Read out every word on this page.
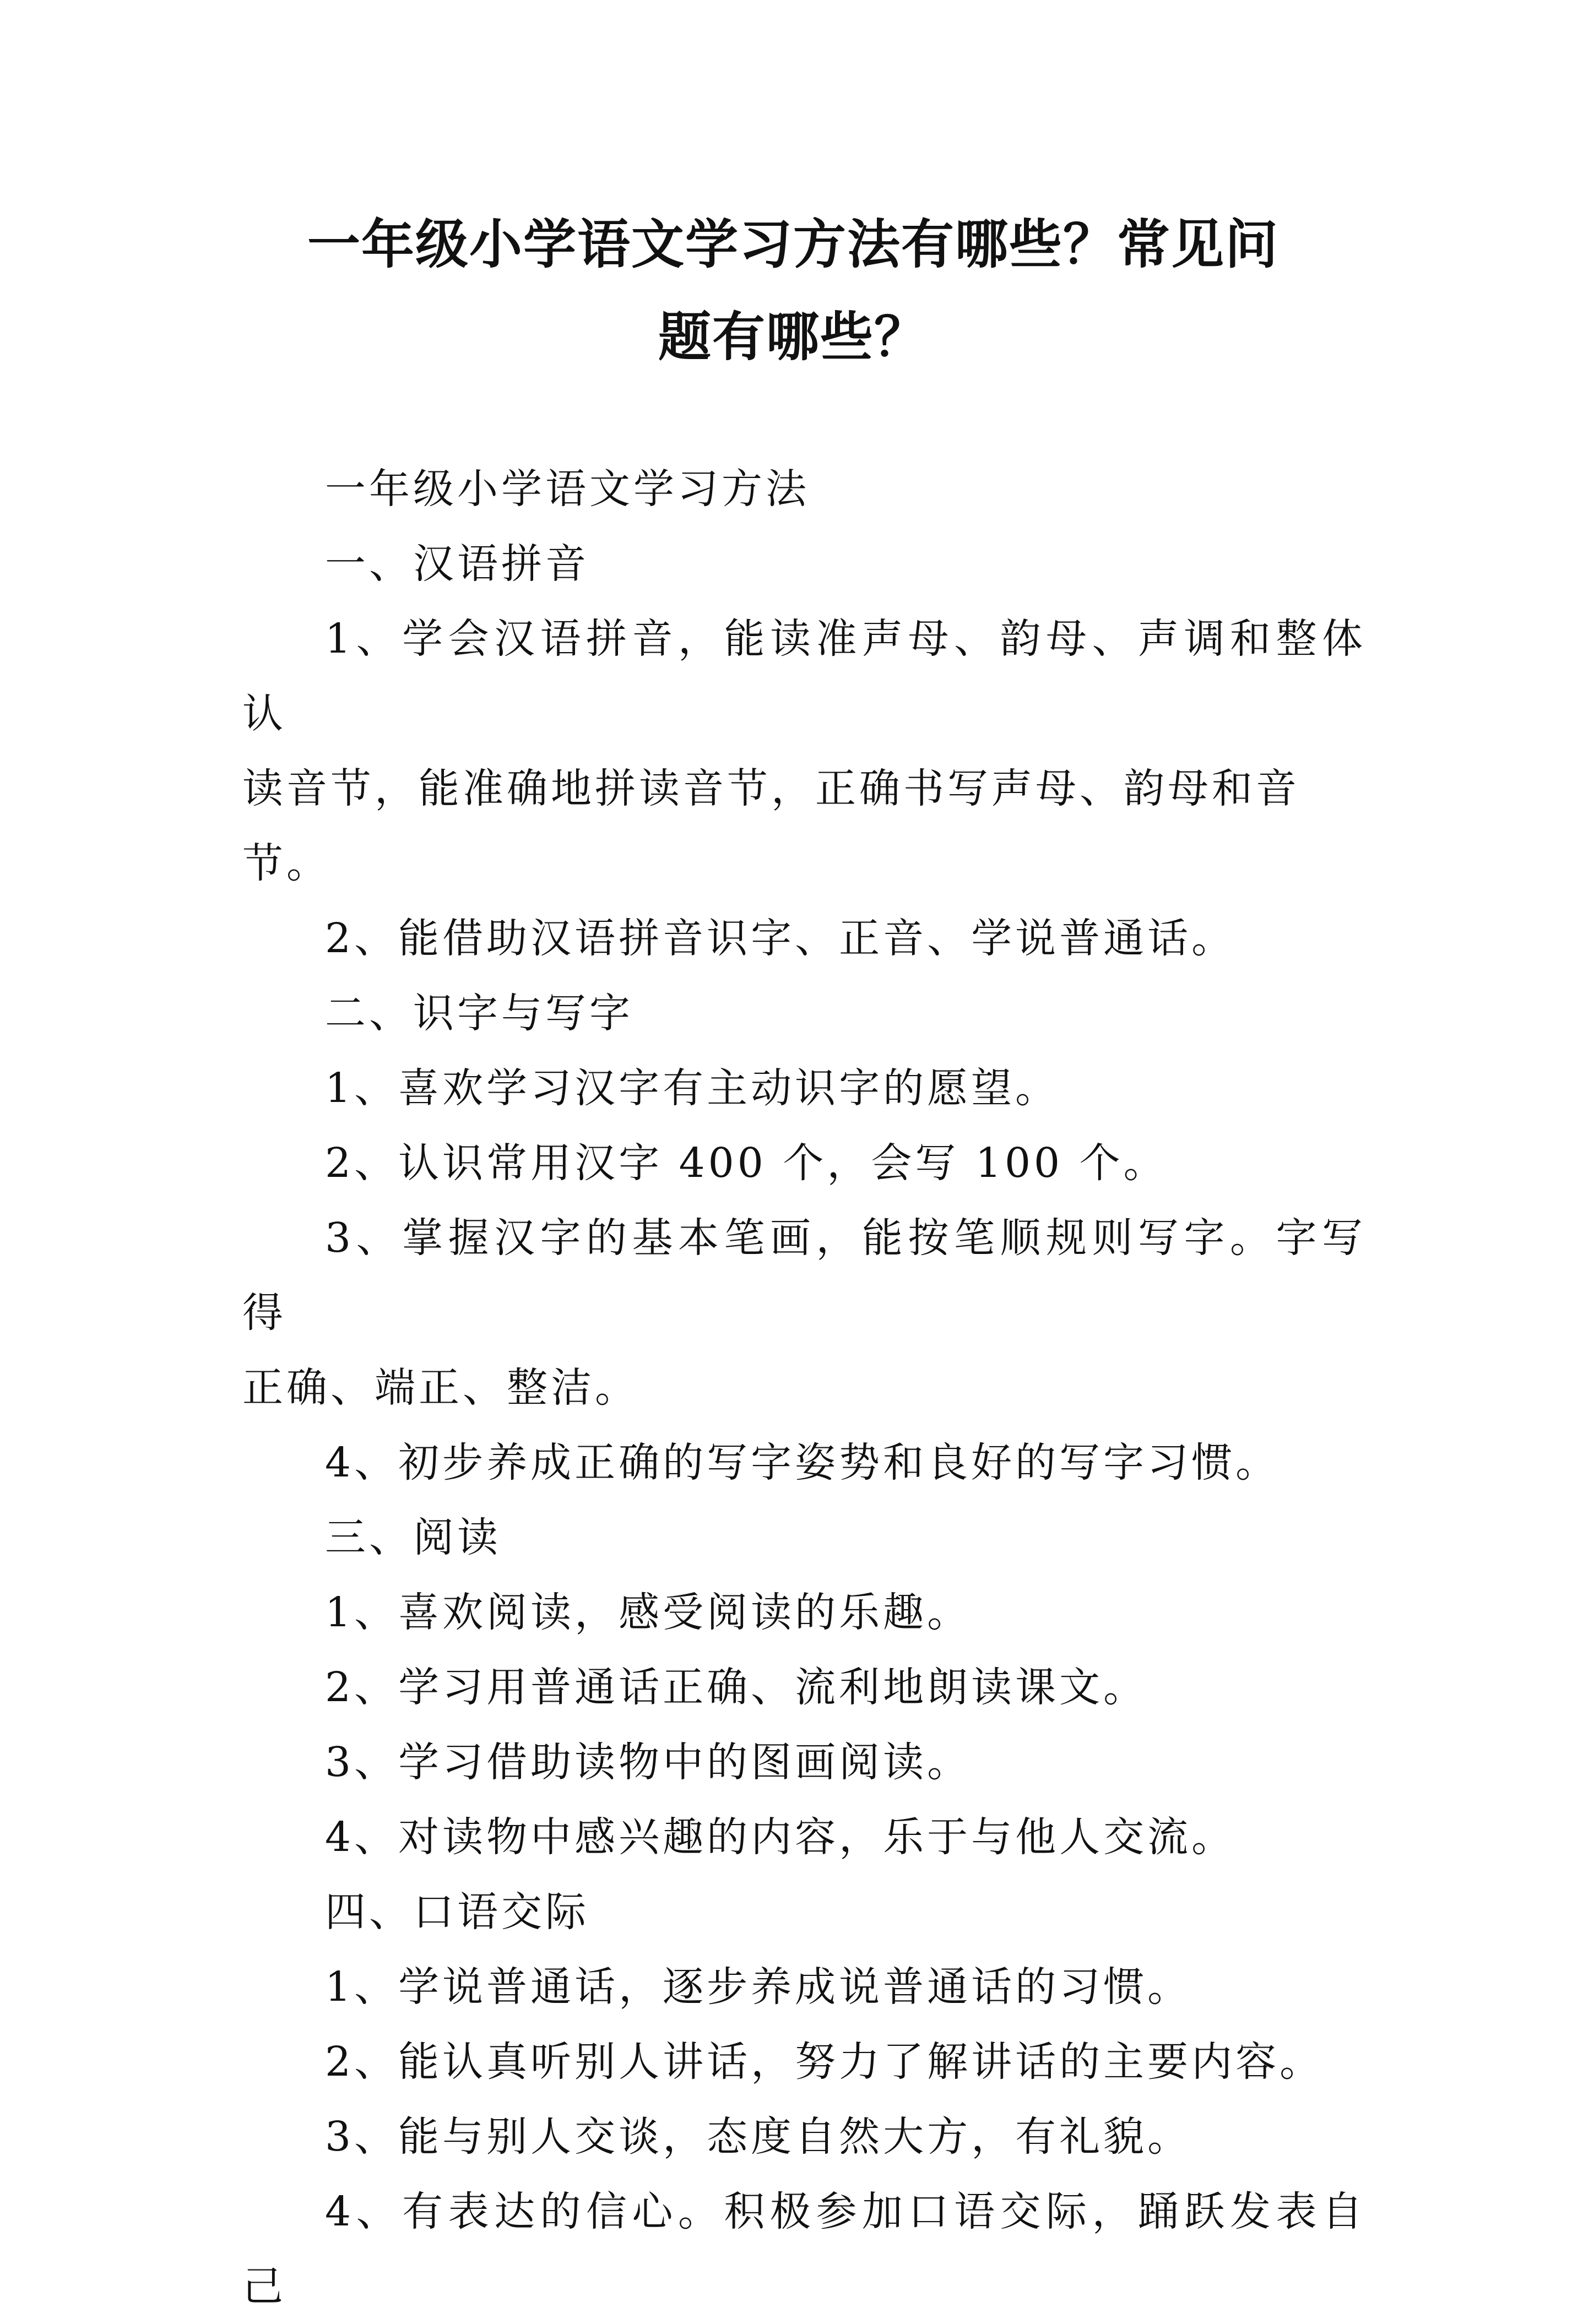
一年级小学语文学习方法有哪些？常见问
题有哪些？

一年级小学语文学习方法

一、汉语拼音

1、学会汉语拼音，能读准声母、韵母、声调和整体认

读音节，能准确地拼读音节，正确书写声母、韵母和音节。

2、能借助汉语拼音识字、正音、学说普通话。

二、识字与写字

1、喜欢学习汉字有主动识字的愿望。

2、认识常用汉字 400 个，会写 100 个。

3、掌握汉字的基本笔画，能按笔顺规则写字。字写得

正确、端正、整洁。

4、初步养成正确的写字姿势和良好的写字习惯。

三、阅读

1、喜欢阅读，感受阅读的乐趣。

2、学习用普通话正确、流利地朗读课文。

3、学习借助读物中的图画阅读。

4、对读物中感兴趣的内容，乐于与他人交流。

四、口语交际

1、学说普通话，逐步养成说普通话的习惯。

2、能认真听别人讲话，努力了解讲话的主要内容。

3、能与别人交谈，态度自然大方，有礼貌。

4、有表达的信心。积极参加口语交际，踊跃发表自己
